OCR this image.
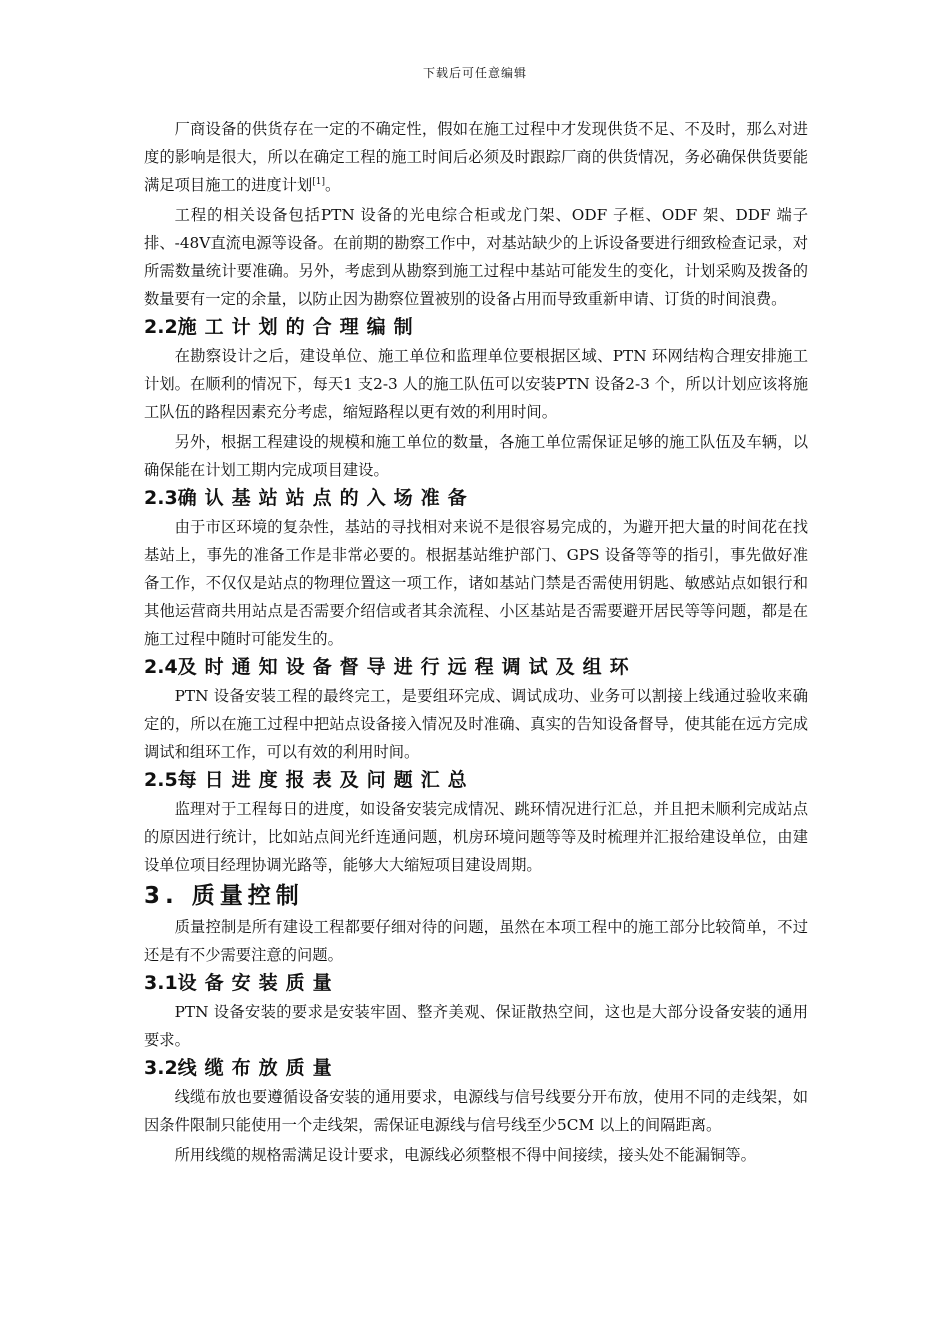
下载后可任意编辑

厂商设备的供货存在一定的不确定性，假如在施工过程中才发现供货不足、不及时，那么对进度的影响是很大，所以在确定工程的施工时间后必须及时跟踪厂商的供货情况，务必确保供货要能满足项目施工的进度计划[1]。

工程的相关设备包括PTN 设备的光电综合柜或龙门架、ODF 子框、ODF 架、DDF 端子排、-48V直流电源等设备。在前期的勘察工作中，对基站缺少的上诉设备要进行细致检查记录，对所需数量统计要准确。另外，考虑到从勘察到施工过程中基站可能发生的变化，计划采购及拨备的数量要有一定的余量，以防止因为勘察位置被别的设备占用而导致重新申请、订货的时间浪费。

2.2施工计划的合理编制

在勘察设计之后，建设单位、施工单位和监理单位要根据区域、PTN 环网结构合理安排施工计划。在顺利的情况下，每天1 支2-3 人的施工队伍可以安装PTN 设备2-3 个，所以计划应该将施工队伍的路程因素充分考虑，缩短路程以更有效的利用时间。

另外，根据工程建设的规模和施工单位的数量，各施工单位需保证足够的施工队伍及车辆，以确保能在计划工期内完成项目建设。

2.3确认基站站点的入场准备

由于市区环境的复杂性，基站的寻找相对来说不是很容易完成的，为避开把大量的时间花在找基站上，事先的准备工作是非常必要的。根据基站维护部门、GPS 设备等等的指引，事先做好准备工作，不仅仅是站点的物理位置这一项工作，诸如基站门禁是否需使用钥匙、敏感站点如银行和其他运营商共用站点是否需要介绍信或者其余流程、小区基站是否需要避开居民等等问题，都是在施工过程中随时可能发生的。

2.4及时通知设备督导进行远程调试及组环

PTN 设备安装工程的最终完工，是要组环完成、调试成功、业务可以割接上线通过验收来确定的，所以在施工过程中把站点设备接入情况及时准确、真实的告知设备督导，使其能在远方完成调试和组环工作，可以有效的利用时间。

2.5每日进度报表及问题汇总

监理对于工程每日的进度，如设备安装完成情况、跳环情况进行汇总，并且把未顺利完成站点的原因进行统计，比如站点间光纤连通问题，机房环境问题等等及时梳理并汇报给建设单位，由建设单位项目经理协调光路等，能够大大缩短项目建设周期。

3. 质量控制

质量控制是所有建设工程都要仔细对待的问题，虽然在本项工程中的施工部分比较简单，不过还是有不少需要注意的问题。

3.1设备安装质量

PTN 设备安装的要求是安装牢固、整齐美观、保证散热空间，这也是大部分设备安装的通用要求。

3.2线缆布放质量

线缆布放也要遵循设备安装的通用要求，电源线与信号线要分开布放，使用不同的走线架，如因条件限制只能使用一个走线架，需保证电源线与信号线至少5CM 以上的间隔距离。

所用线缆的规格需满足设计要求，电源线必须整根不得中间接续，接头处不能漏铜等。
